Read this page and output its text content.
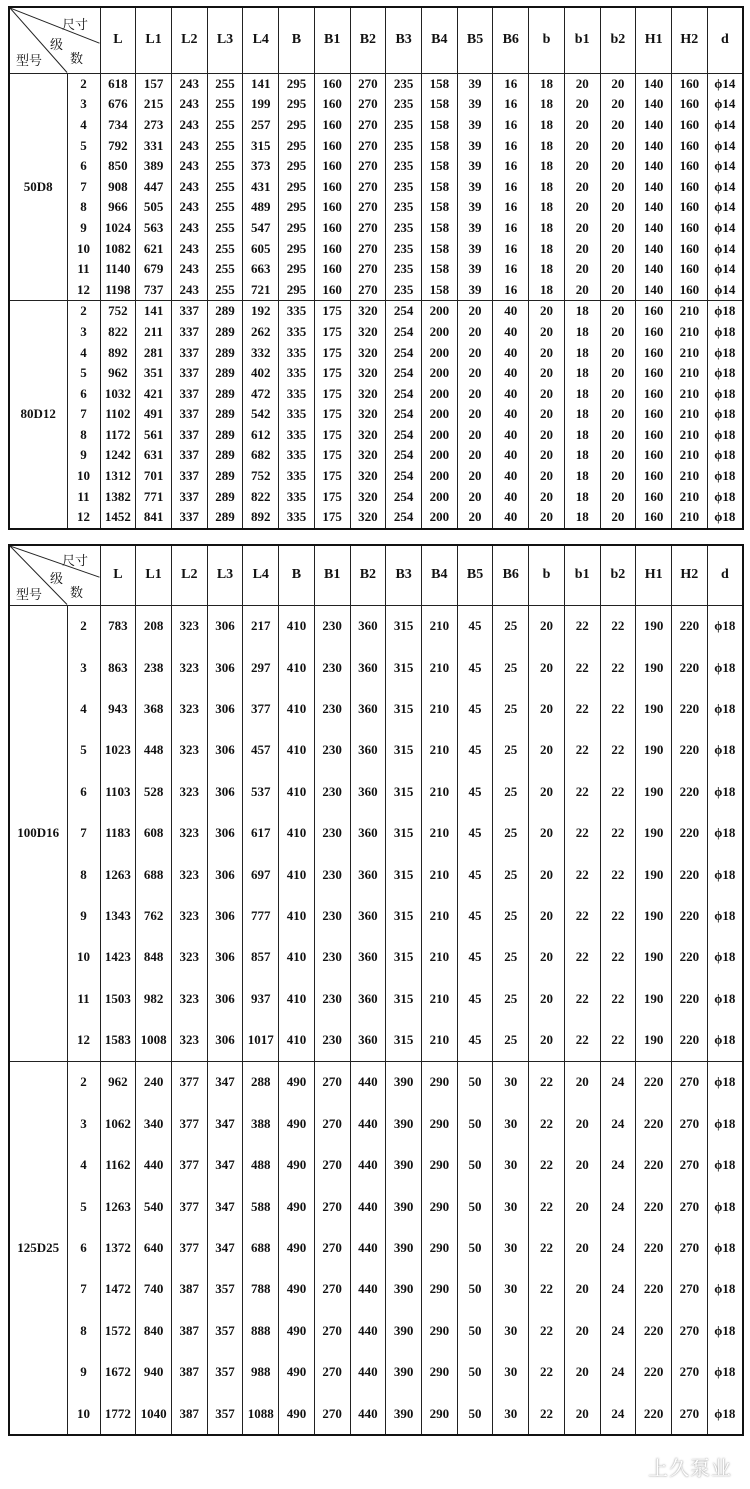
尺寸
级
数
型号		L	L1	L2	L3	L4	B	B1	B2	B3	B4	B5	B6	b	b1	b2	H1	H2	d
50D8	2	618	157	243	255	141	295	160	270	235	158	39	16	18	20	20	140	160	ϕ14
	3	676	215	243	255	199	295	160	270	235	158	39	16	18	20	20	140	160	ϕ14
	4	734	273	243	255	257	295	160	270	235	158	39	16	18	20	20	140	160	ϕ14
	5	792	331	243	255	315	295	160	270	235	158	39	16	18	20	20	140	160	ϕ14
	6	850	389	243	255	373	295	160	270	235	158	39	16	18	20	20	140	160	ϕ14
	7	908	447	243	255	431	295	160	270	235	158	39	16	18	20	20	140	160	ϕ14
	8	966	505	243	255	489	295	160	270	235	158	39	16	18	20	20	140	160	ϕ14
	9	1024	563	243	255	547	295	160	270	235	158	39	16	18	20	20	140	160	ϕ14
	10	1082	621	243	255	605	295	160	270	235	158	39	16	18	20	20	140	160	ϕ14
	11	1140	679	243	255	663	295	160	270	235	158	39	16	18	20	20	140	160	ϕ14
	12	1198	737	243	255	721	295	160	270	235	158	39	16	18	20	20	140	160	ϕ14
80D12	2	752	141	337	289	192	335	175	320	254	200	20	40	20	18	20	160	210	ϕ18
	3	822	211	337	289	262	335	175	320	254	200	20	40	20	18	20	160	210	ϕ18
	4	892	281	337	289	332	335	175	320	254	200	20	40	20	18	20	160	210	ϕ18
	5	962	351	337	289	402	335	175	320	254	200	20	40	20	18	20	160	210	ϕ18
	6	1032	421	337	289	472	335	175	320	254	200	20	40	20	18	20	160	210	ϕ18
	7	1102	491	337	289	542	335	175	320	254	200	20	40	20	18	20	160	210	ϕ18
	8	1172	561	337	289	612	335	175	320	254	200	20	40	20	18	20	160	210	ϕ18
	9	1242	631	337	289	682	335	175	320	254	200	20	40	20	18	20	160	210	ϕ18
	10	1312	701	337	289	752	335	175	320	254	200	20	40	20	18	20	160	210	ϕ18
	11	1382	771	337	289	822	335	175	320	254	200	20	40	20	18	20	160	210	ϕ18
	12	1452	841	337	289	892	335	175	320	254	200	20	40	20	18	20	160	210	ϕ18
尺寸
级
数
型号		L	L1	L2	L3	L4	B	B1	B2	B3	B4	B5	B6	b	b1	b2	H1	H2	d
100D16	2	783	208	323	306	217	410	230	360	315	210	45	25	20	22	22	190	220	ϕ18
	3	863	238	323	306	297	410	230	360	315	210	45	25	20	22	22	190	220	ϕ18
	4	943	368	323	306	377	410	230	360	315	210	45	25	20	22	22	190	220	ϕ18
	5	1023	448	323	306	457	410	230	360	315	210	45	25	20	22	22	190	220	ϕ18
	6	1103	528	323	306	537	410	230	360	315	210	45	25	20	22	22	190	220	ϕ18
	7	1183	608	323	306	617	410	230	360	315	210	45	25	20	22	22	190	220	ϕ18
	8	1263	688	323	306	697	410	230	360	315	210	45	25	20	22	22	190	220	ϕ18
	9	1343	762	323	306	777	410	230	360	315	210	45	25	20	22	22	190	220	ϕ18
	10	1423	848	323	306	857	410	230	360	315	210	45	25	20	22	22	190	220	ϕ18
	11	1503	982	323	306	937	410	230	360	315	210	45	25	20	22	22	190	220	ϕ18
	12	1583	1008	323	306	1017	410	230	360	315	210	45	25	20	22	22	190	220	ϕ18
125D25	2	962	240	377	347	288	490	270	440	390	290	50	30	22	20	24	220	270	ϕ18
	3	1062	340	377	347	388	490	270	440	390	290	50	30	22	20	24	220	270	ϕ18
	4	1162	440	377	347	488	490	270	440	390	290	50	30	22	20	24	220	270	ϕ18
	5	1263	540	377	347	588	490	270	440	390	290	50	30	22	20	24	220	270	ϕ18
	6	1372	640	377	347	688	490	270	440	390	290	50	30	22	20	24	220	270	ϕ18
	7	1472	740	387	357	788	490	270	440	390	290	50	30	22	20	24	220	270	ϕ18
	8	1572	840	387	357	888	490	270	440	390	290	50	30	22	20	24	220	270	ϕ18
	9	1672	940	387	357	988	490	270	440	390	290	50	30	22	20	24	220	270	ϕ18
	10	1772	1040	387	357	1088	490	270	440	390	290	50	30	22	20	24	220	270	ϕ18
上久泵业
